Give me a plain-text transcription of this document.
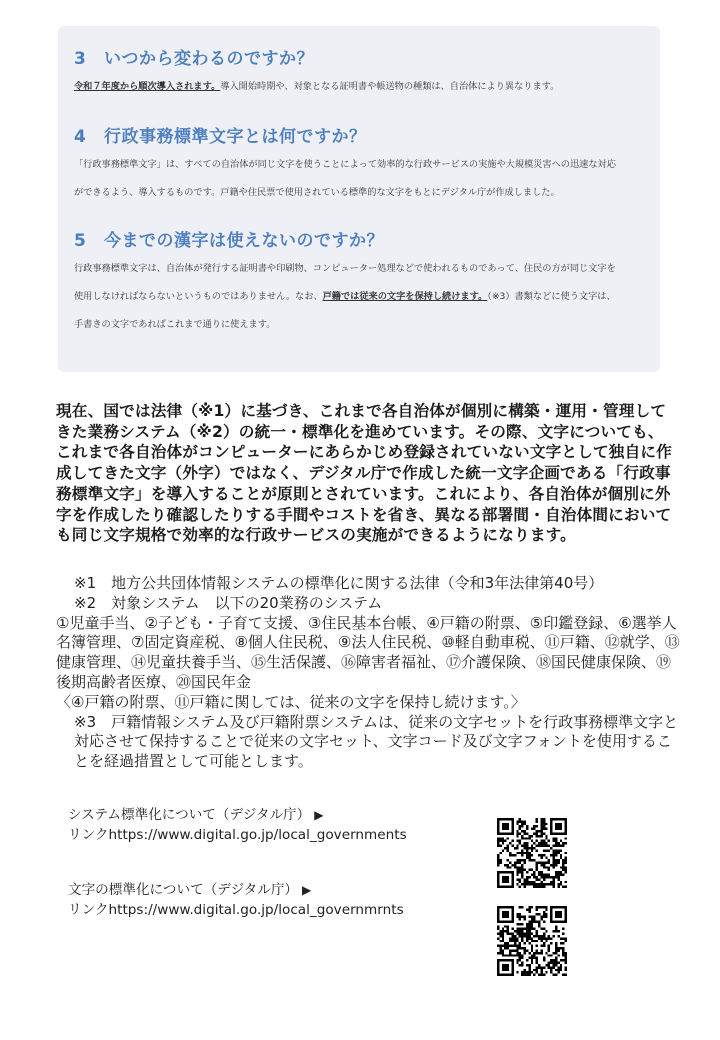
3 いつから変わるのですか？
令和７年度から順次導入されます。導入開始時期や、対象となる証明書や帳送物の種類は、自治体により異なります。
4 行政事務標準文字とは何ですか？
「行政事務標準文字」は、すべての自治体が同じ文字を使うことによって効率的な行政サービスの実施や大規模災害への迅速な対応
ができるよう、導入するものです。戸籍や住民票で使用されている標準的な文字をもとにデジタル庁が作成しました。
5 今までの漢字は使えないのですか？
行政事務標準文字は、自治体が発行する証明書や印刷物、コンピューター処理などで使われるものであって、住民の方が同じ文字を
使用しなければならないというものではありません。なお、戸籍では従来の文字を保持し続けます。（※3）書類などに使う文字は、
手書きの文字であればこれまで通りに使えます。

現在、国では法律（※1）に基づき、これまで各自治体が個別に構築・運用・管理してきた業務システム（※2）の統一・標準化を進めています。その際、文字についても、これまで各自治体がコンピューターにあらかじめ登録されていない文字として独自に作成してきた文字（外字）ではなく、デジタル庁で作成した統一文字企画である「行政事務標準文字」を導入することが原則とされています。これにより、各自治体が個別に外字を作成したり確認したりする手間やコストを省き、異なる部署間・自治体間においても同じ文字規格で効率的な行政サービスの実施ができるようになります。

※1　地方公共団体情報システムの標準化に関する法律（令和3年法律第40号）

※2　対象システム　以下の20業務のシステム

①児童手当、②子ども・子育て支援、③住民基本台帳、④戸籍の附票、⑤印鑑登録、⑥選挙人名簿管理、⑦固定資産税、⑧個人住民税、⑨法人住民税、⑩軽自動車税、⑪戸籍、⑫就学、⑬健康管理、⑭児童扶養手当、⑮生活保護、⑯障害者福祉、⑰介護保険、⑱国民健康保険、⑲後期高齢者医療、⑳国民年金

〈④戸籍の附票、⑪戸籍に関しては、従来の文字を保持し続けます。〉

※3　戸籍情報システム及び戸籍附票システムは、従来の文字セットを行政事務標準文字と対応させて保持することで従来の文字セット、文字コード及び文字フォントを使用することを経過措置として可能とします。

システム標準化について（デジタル庁） ▶
リンクhttps://www.digital.go.jp/local_governments
文字の標準化について（デジタル庁） ▶
リンクhttps://www.digital.go.jp/local_governmrnts
